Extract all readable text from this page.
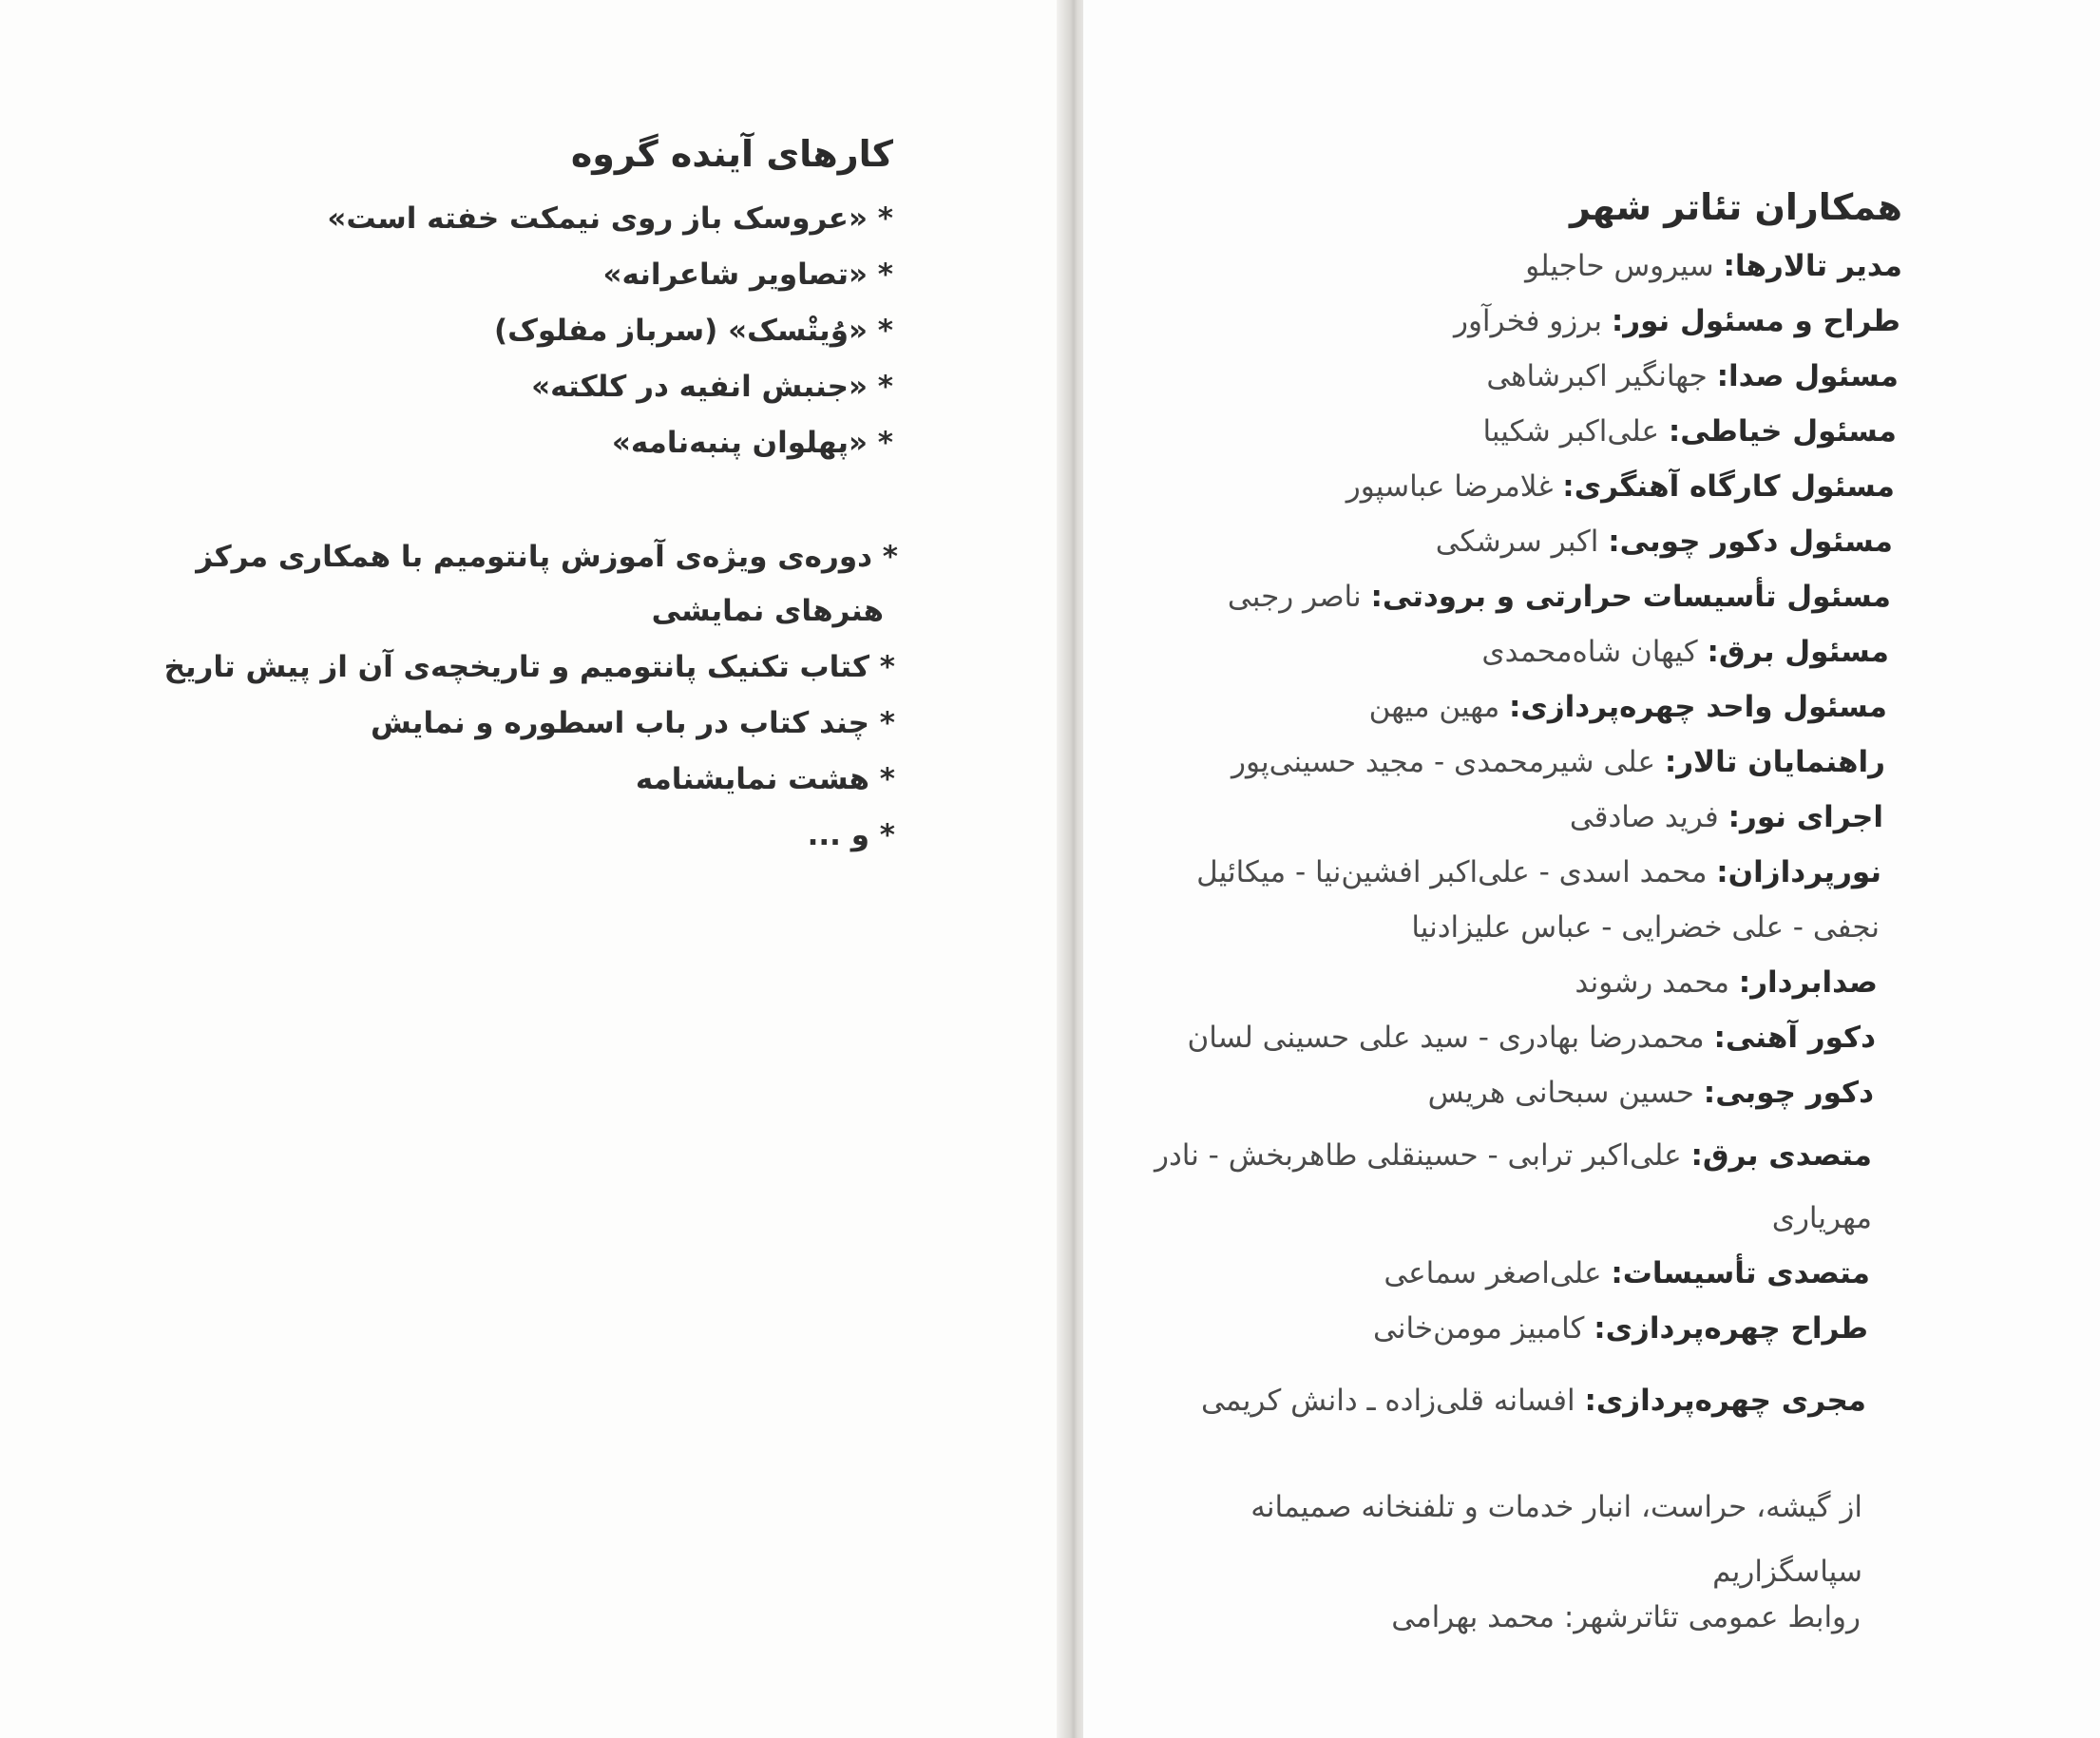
کارهای آینده گروه
* «عروسک باز روی نیمکت خفته است»
* «تصاویر شاعرانه»
* «وُیتْسک» (سرباز مفلوک)
* «جنبش انفیه در کلکته»
* «پهلوان پنبه‌نامه»
* دوره‌ی ویژه‌ی آموزش پانتومیم با همکاری مرکز
هنرهای نمایشی
* کتاب تکنیک پانتومیم و تاریخچه‌ی آن از پیش تاریخ
* چند کتاب در باب اسطوره و نمایش
* هشت نمایشنامه
* و ...
همکاران تئاتر شهر
مدیر تالارها: سیروس حاجیلو
طراح و مسئول نور: برزو فخرآور
مسئول صدا: جهانگیر اکبرشاهی
مسئول خیاطی: علی‌اکبر شکیبا
مسئول کارگاه آهنگری: غلامرضا عباسپور
مسئول دکور چوبی: اکبر سرشکی
مسئول تأسیسات حرارتی و برودتی: ناصر رجبی
مسئول برق: کیهان شاه‌محمدی
مسئول واحد چهره‌پردازی: مهین میهن
راهنمایان تالار: علی شیرمحمدی - مجید حسینی‌پور
اجرای نور: فرید صادقی
نورپردازان: محمد اسدی - علی‌اکبر افشین‌نیا - میکائیل
نجفی - علی خضرایی - عباس علیزادنیا
صدابردار: محمد رشوند
دکور آهنی: محمدرضا بهادری - سید علی حسینی لسان
دکور چوبی: حسین سبحانی هریس
متصدی برق: علی‌اکبر ترابی - حسینقلی طاهربخش - نادر
مهریاری
متصدی تأسیسات: علی‌اصغر سماعی
طراح چهره‌پردازی: کامبیز مومن‌خانی
مجری چهره‌پردازی: افسانه قلی‌زاده ـ دانش کریمی
از گیشه، حراست، انبار خدمات و تلفنخانه صمیمانه
سپاسگزاریم
روابط عمومی تئاترشهر: محمد بهرامی
